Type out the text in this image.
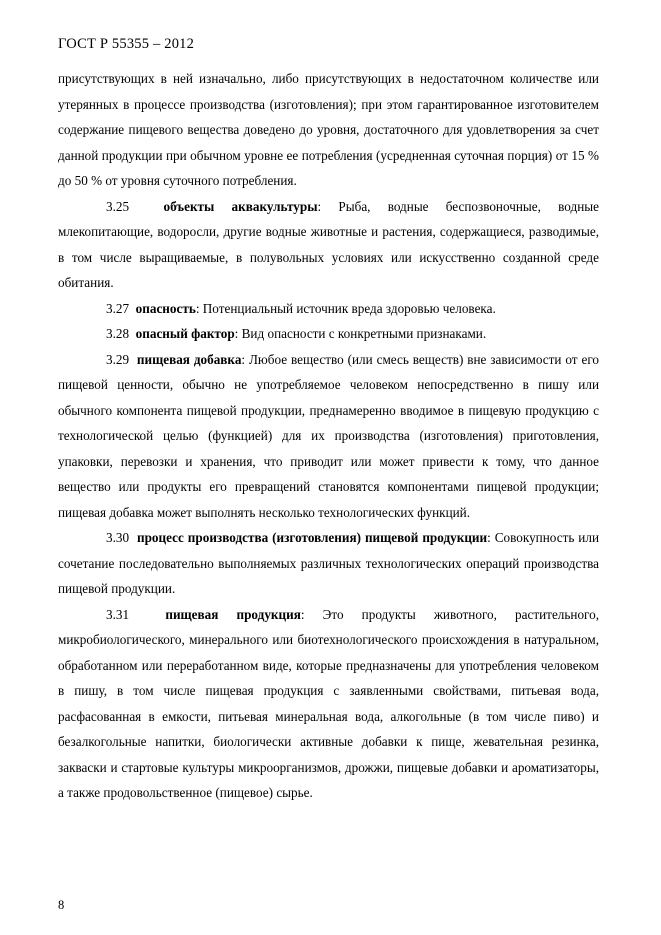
ГОСТ Р 55355 – 2012

присутствующих в ней изначально, либо присутствующих в недостаточном количестве или утерянных в процессе производства (изготовления); при этом гарантированное изготовителем содержание пищевого вещества доведено до уровня, достаточного для удовлетворения за счет данной продукции при обычном уровне ее потребления (усредненная суточная порция) от 15 % до 50 % от уровня суточного потребления.

3.25	объекты аквакультуры: Рыба, водные беспозвоночные, водные млекопитающие, водоросли, другие водные животные и растения, содержащиеся, разводимые, в том числе выращиваемые, в полувольных условиях или искусственно созданной среде обитания.

3.27 опасность: Потенциальный источник вреда здоровью человека.

3.28 опасный фактор: Вид опасности с конкретными признаками.

3.29 пищевая добавка: Любое вещество (или смесь веществ) вне зависимости от его пищевой ценности, обычно не употребляемое человеком непосредственно в пишу или обычного компонента пищевой продукции, преднамеренно вводимое в пищевую продукцию с технологической целью (функцией) для их производства (изготовления) приготовления, упаковки, перевозки и хранения, что приводит или может привести к тому, что данное вещество или продукты его превращений становятся компонентами пищевой продукции; пищевая добавка может выполнять несколько технологических функций.

3.30 процесс производства (изготовления) пищевой продукции: Совокупность или сочетание последовательно выполняемых различных технологических операций производства пищевой продукции.

3.31	пищевая продукция: Это продукты животного, растительного, микробиологического, минерального или биотехнологического происхождения в натуральном, обработанном или переработанном виде, которые предназначены для употребления человеком в пишу, в том числе пищевая продукция с заявленными свойствами, питьевая вода, расфасованная в емкости, питьевая минеральная вода, алкогольные (в том числе пиво) и безалкогольные напитки, биологически активные добавки к пище, жевательная резинка, закваски и стартовые культуры микроорганизмов, дрожжи, пищевые добавки и ароматизаторы, а также продовольственное (пищевое) сырье.

8
